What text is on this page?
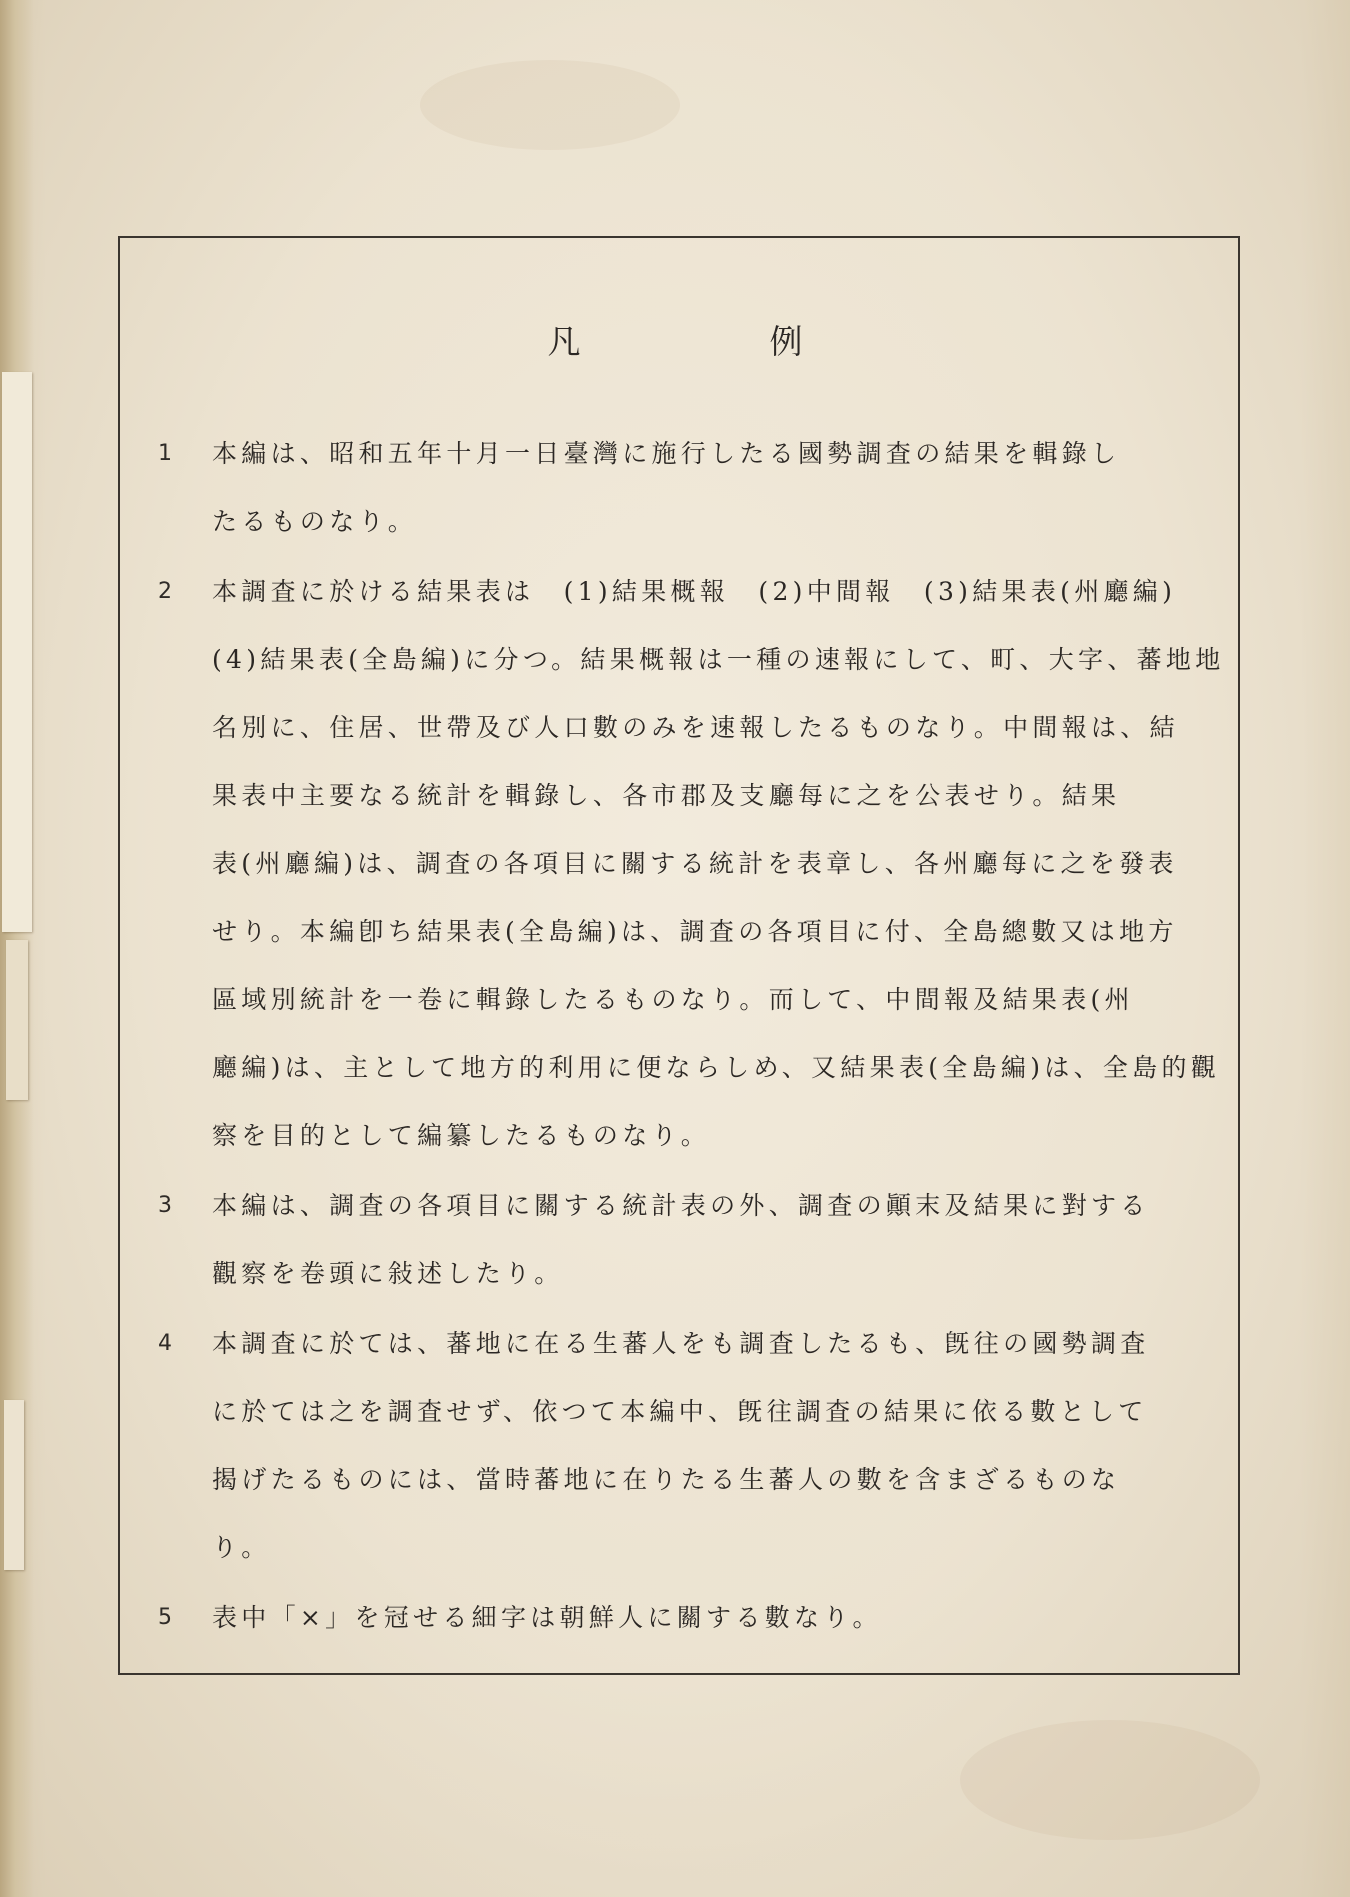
凡　例
1 本編は、昭和五年十月一日臺灣に施行したる國勢調査の結果を輯錄し
たるものなり。
2 本調査に於ける結果表は　(1)結果概報　(2)中間報　(3)結果表(州廳編)
(4)結果表(全島編)に分つ。結果概報は一種の速報にして、町、大字、蕃地地
名別に、住居、世帶及び人口數のみを速報したるものなり。中間報は、結
果表中主要なる統計を輯錄し、各市郡及支廳每に之を公表せり。結果
表(州廳編)は、調査の各項目に關する統計を表章し、各州廳每に之を發表
せり。本編卽ち結果表(全島編)は、調査の各項目に付、全島總數又は地方
區域別統計を一卷に輯錄したるものなり。而して、中間報及結果表(州
廳編)は、主として地方的利用に便ならしめ、又結果表(全島編)は、全島的觀
察を目的として編纂したるものなり。
3 本編は、調査の各項目に關する統計表の外、調査の顚末及結果に對する
觀察を卷頭に敍述したり。
4 本調査に於ては、蕃地に在る生蕃人をも調査したるも、旣往の國勢調査
に於ては之を調査せず、依つて本編中、旣往調査の結果に依る數として
揭げたるものには、當時蕃地に在りたる生蕃人の數を含まざるものな
り。
5 表中「×」を冠せる細字は朝鮮人に關する數なり。
